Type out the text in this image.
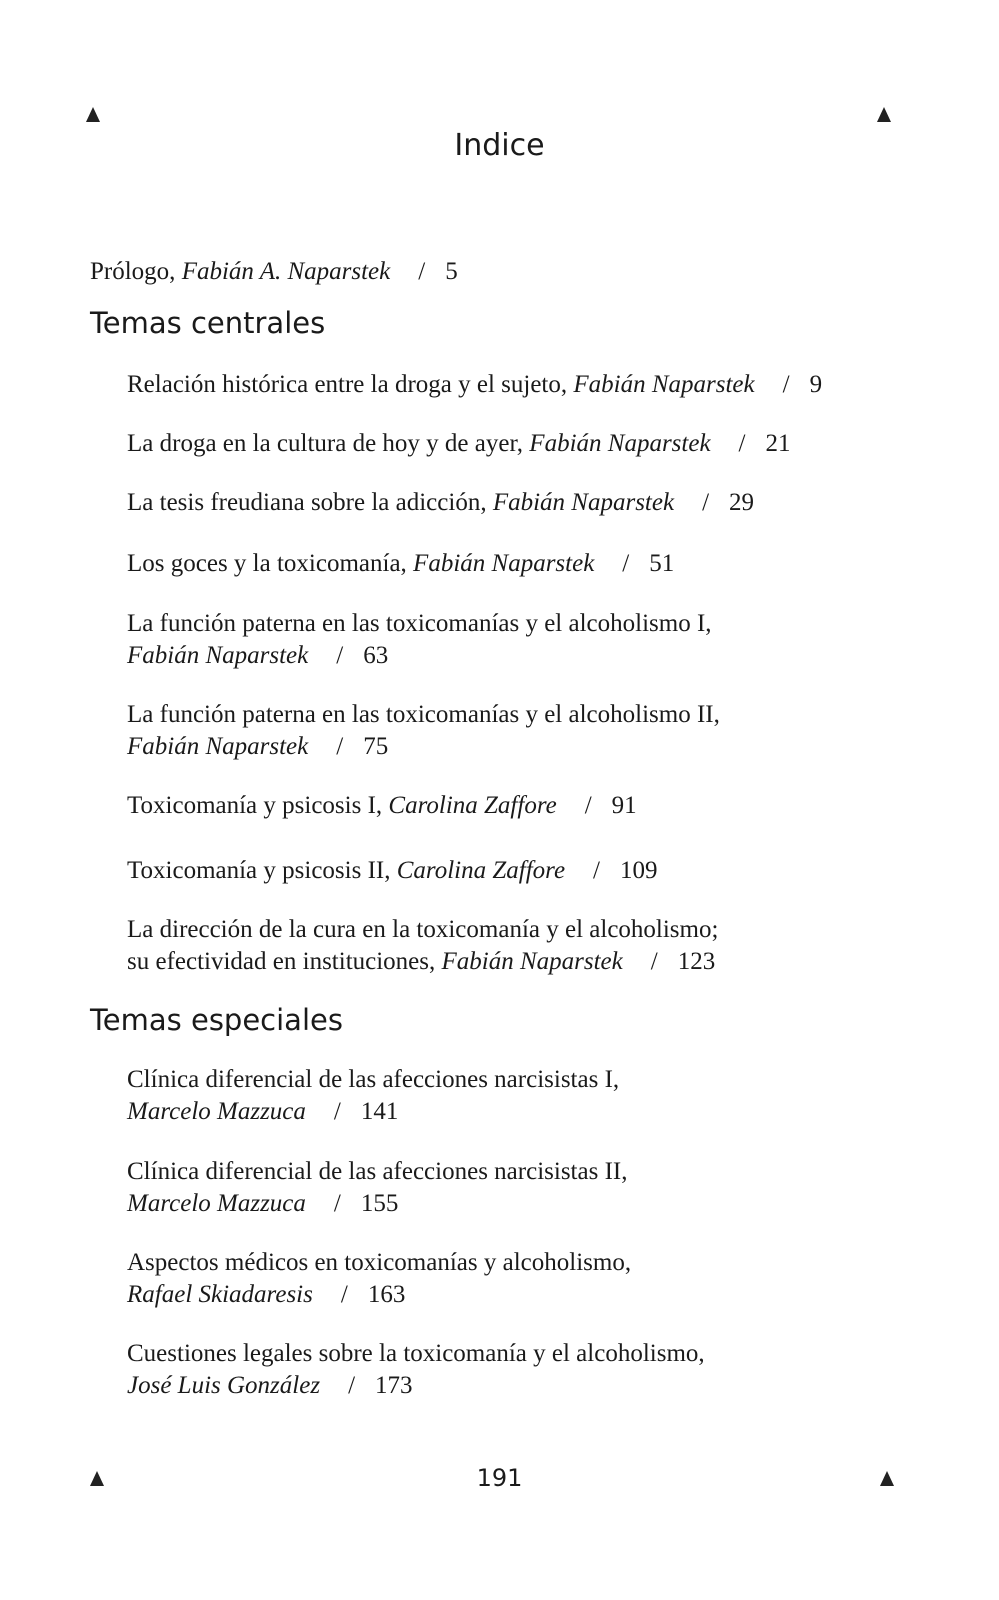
Indice
Prólogo, Fabián A. Naparstek / 5
Temas centrales
Relación histórica entre la droga y el sujeto, Fabián Naparstek / 9
La droga en la cultura de hoy y de ayer, Fabián Naparstek / 21
La tesis freudiana sobre la adicción, Fabián Naparstek / 29
Los goces y la toxicomanía, Fabián Naparstek / 51
La función paterna en las toxicomanías y el alcoholismo I,
Fabián Naparstek / 63
La función paterna en las toxicomanías y el alcoholismo II,
Fabián Naparstek / 75
Toxicomanía y psicosis I, Carolina Zaffore / 91
Toxicomanía y psicosis II, Carolina Zaffore / 109
La dirección de la cura en la toxicomanía y el alcoholismo;
su efectividad en instituciones, Fabián Naparstek / 123
Temas especiales
Clínica diferencial de las afecciones narcisistas I,
Marcelo Mazzuca / 141
Clínica diferencial de las afecciones narcisistas II,
Marcelo Mazzuca / 155
Aspectos médicos en toxicomanías y alcoholismo,
Rafael Skiadaresis / 163
Cuestiones legales sobre la toxicomanía y el alcoholismo,
José Luis González / 173
191
